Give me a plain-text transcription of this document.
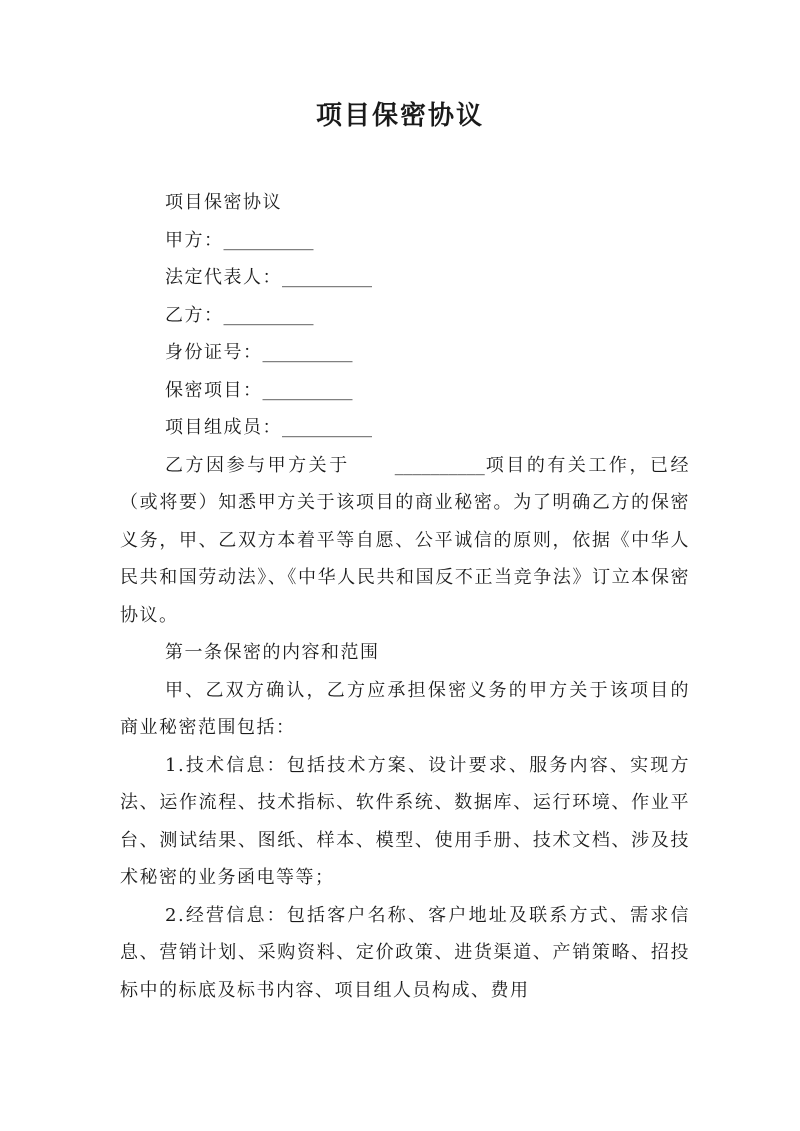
项目保密协议

项目保密协议

甲方：__________

法定代表人：__________

乙方：__________

身份证号：__________

保密项目：__________

项目组成员：__________

乙方因参与甲方关于	__________项目的有关工作，已经（或将要）知悉甲方关于该项目的商业秘密。为了明确乙方的保密义务，甲、乙双方本着平等自愿、公平诚信的原则，依据《中华人民共和国劳动法》、《中华人民共和国反不正当竞争法》订立本保密协议。

第一条保密的内容和范围

甲、乙双方确认，乙方应承担保密义务的甲方关于该项目的商业秘密范围包括：

1.技术信息：包括技术方案、设计要求、服务内容、实现方法、运作流程、技术指标、软件系统、数据库、运行环境、作业平台、测试结果、图纸、样本、模型、使用手册、技术文档、涉及技术秘密的业务函电等等；

2.经营信息：包括客户名称、客户地址及联系方式、需求信息、营销计划、采购资料、定价政策、进货渠道、产销策略、招投标中的标底及标书内容、项目组人员构成、费用
